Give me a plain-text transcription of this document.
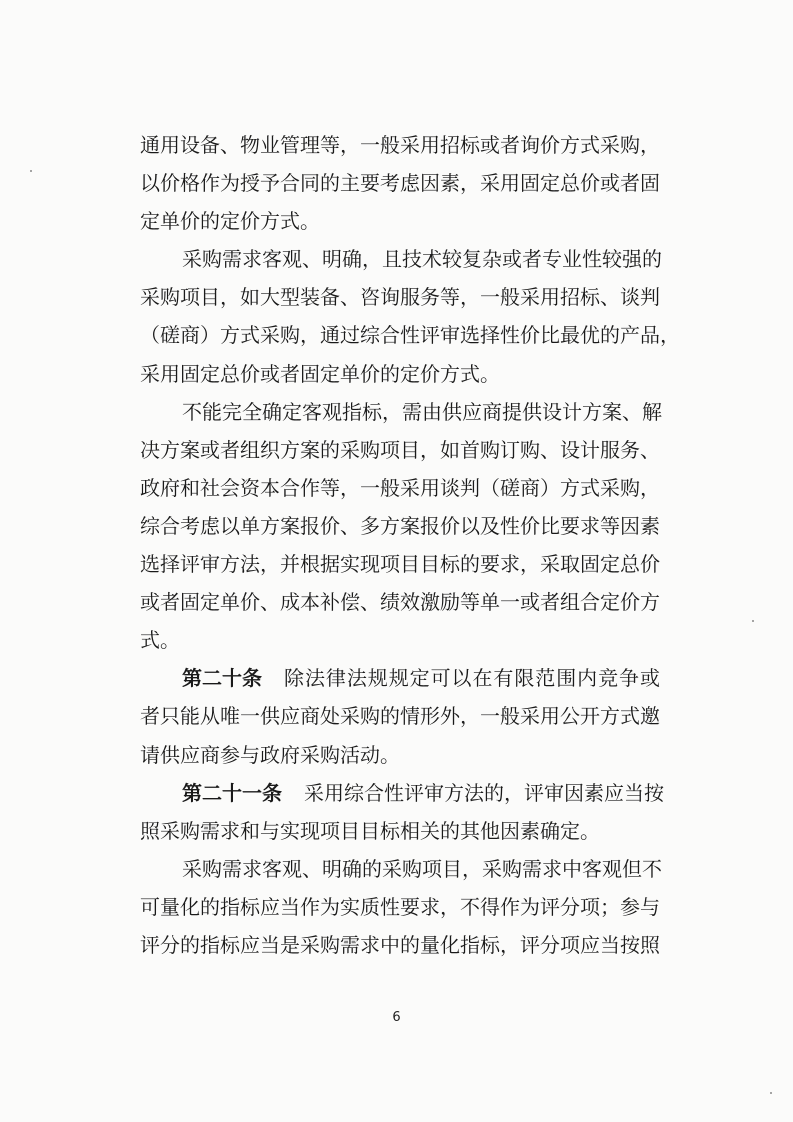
通 用 设 备 、 物 业 管 理 等 ， 一 般 采 用 招 标 或 者 询 价 方 式 采 购 ，
以 价 格 作 为 授 予 合 同 的 主 要 考 虑 因 素 ， 采 用 固 定 总 价 或 者 固
定单价的定价方式。
采 购 需 求 客 观 、 明 确 ， 且 技 术 较 复 杂 或 者 专 业 性 较 强 的
采 购 项 目 ， 如 大 型 装 备 、 咨 询 服 务 等 ， 一 般 采 用 招 标 、 谈 判
（ 磋 商 ） 方 式 采 购 ， 通 过 综 合 性 评 审 选 择 性 价 比 最 优 的 产 品 ，
采用固定总价或者固定单价的定价方式。
不 能 完 全 确 定 客 观 指 标 ， 需 由 供 应 商 提 供 设 计 方 案 、 解
决 方 案 或 者 组 织 方 案 的 采 购 项 目 ， 如 首 购 订 购 、 设 计 服 务 、
政 府 和 社 会 资 本 合 作 等 ， 一 般 采 用 谈 判 （ 磋 商 ） 方 式 采 购 ，
综 合 考 虑 以 单 方 案 报 价 、 多 方 案 报 价 以 及 性 价 比 要 求 等 因 素
选 择 评 审 方 法 ， 并 根 据 实 现 项 目 目 标 的 要 求 ， 采 取 固 定 总 价
或 者 固 定 单 价 、 成 本 补 偿 、 绩 效 激 励 等 单 一 或 者 组 合 定 价 方
式。
第二十条 除 法 律 法 规 规 定 可 以 在 有 限 范 围 内 竞 争 或
者 只 能 从 唯 一 供 应 商 处 采 购 的 情 形 外 ， 一 般 采 用 公 开 方 式 邀
请供应商参与政府采购活动。
第二十一条 采 用 综 合 性 评 审 方 法 的 ， 评 审 因 素 应 当 按
照采购需求和与实现项目目标相关的其他因素确定。
采 购 需 求 客 观 、 明 确 的 采 购 项 目 ， 采 购 需 求 中 客 观 但 不
可 量 化 的 指 标 应 当 作 为 实 质 性 要 求 ， 不 得 作 为 评 分 项 ； 参 与
评 分 的 指 标 应 当 是 采 购 需 求 中 的 量 化 指 标 ， 评 分 项 应 当 按 照
6
